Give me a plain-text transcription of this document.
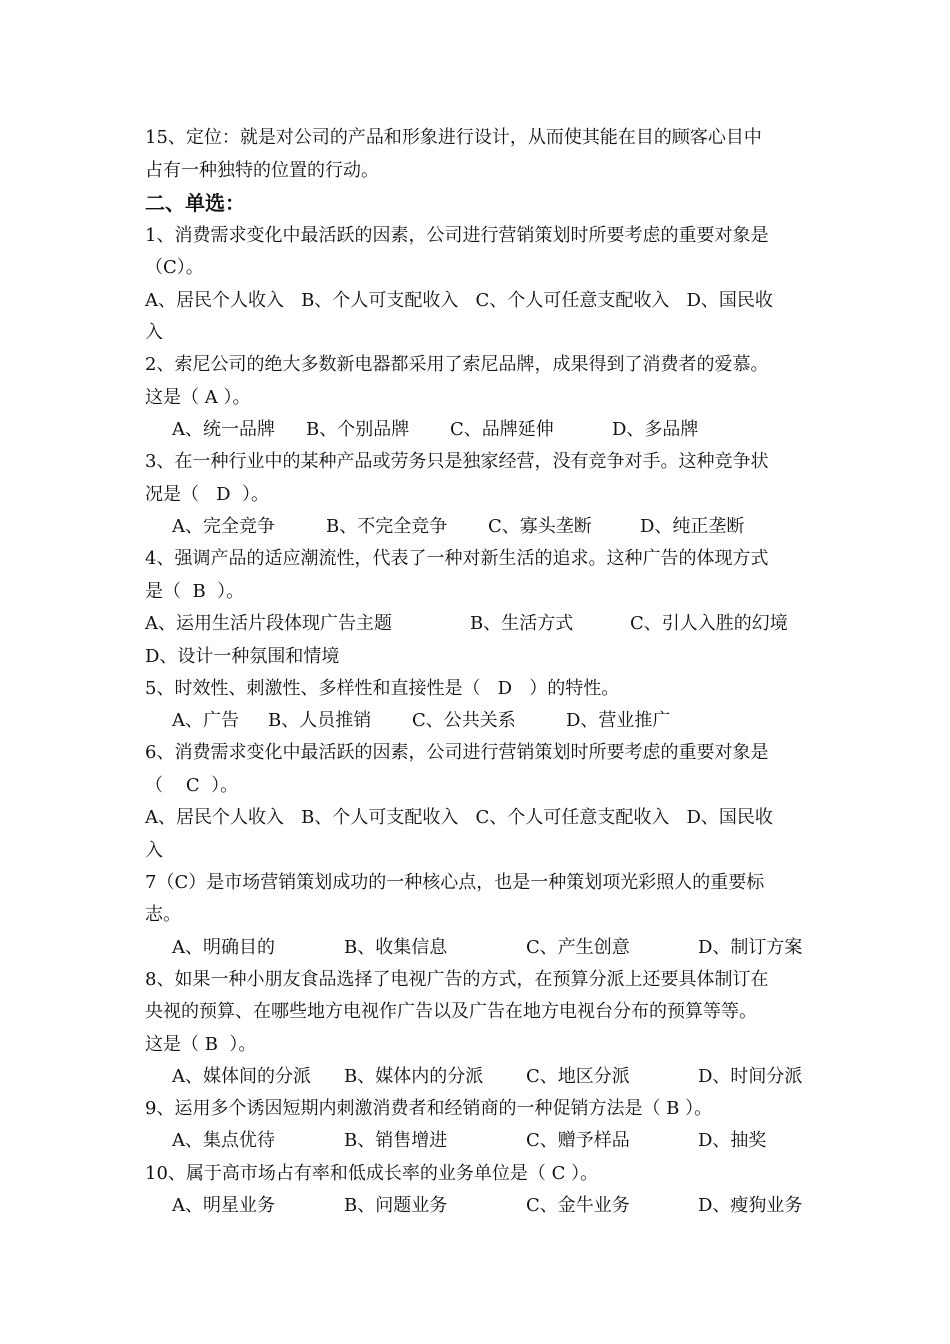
15、定位：就是对公司的产品和形象进行设计，从而使其能在目的顾客心目中
占有一种独特的位置的行动。
二、单选：
1、消费需求变化中最活跃的因素，公司进行营销策划时所要考虑的重要对象是
（C）。
A、居民个人收入   B、个人可支配收入   C、个人可任意支配收入   D、国民收
入
2、索尼公司的绝大多数新电器都采用了索尼品牌，成果得到了消费者的爱慕。
这是（ A ）。
A、统一品牌 B、个别品牌 C、品牌延伸	D、多品牌
3、在一种行业中的某种产品或劳务只是独家经营，没有竞争对手。这种竞争状
况是（   D  ）。
A、完全竞争	B、不完全竞争 C、寡头垄断	D、纯正垄断
4、强调产品的适应潮流性，代表了一种对新生活的追求。这种广告的体现方式
是（  B  ）。
A、运用生活片段体现广告主题	B、生活方式	C、引人入胜的幻境
D、设计一种氛围和情境
5、时效性、刺激性、多样性和直接性是（   D   ）的特性。
A、广告 B、人员推销 C、公共关系	D、营业推广
6、消费需求变化中最活跃的因素，公司进行营销策划时所要考虑的重要对象是
（    C  ）。
A、居民个人收入   B、个人可支配收入   C、个人可任意支配收入   D、国民收
入
7（C）是市场营销策划成功的一种核心点，也是一种策划项光彩照人的重要标
志。
A、明确目的	B、收集信息	C、产生创意	D、制订方案
8、如果一种小朋友食品选择了电视广告的方式，在预算分派上还要具体制订在
央视的预算、在哪些地方电视作广告以及广告在地方电视台分布的预算等等。
这是（ B  ）。
A、媒体间的分派 B、媒体内的分派 C、地区分派	D、时间分派
9、运用多个诱因短期内刺激消费者和经销商的一种促销方法是（ B ）。
A、集点优待	B、销售增进	C、赠予样品	D、抽奖
10、属于高市场占有率和低成长率的业务单位是（ C ）。
A、明星业务	B、问题业务	C、金牛业务	D、瘦狗业务
